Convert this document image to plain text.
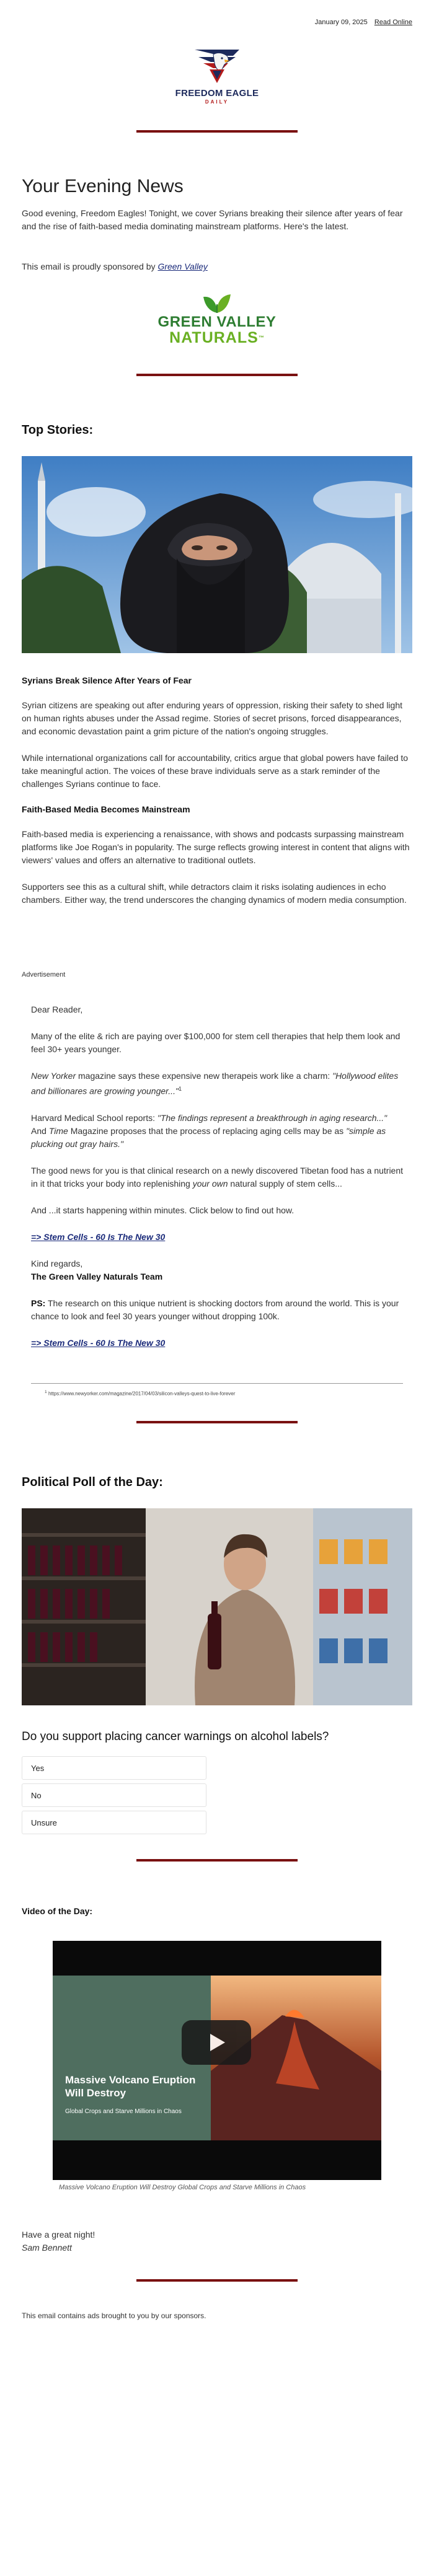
January 09, 2025 Read Online
FREEDOM EAGLE
DAILY
Your Evening News

Good evening, Freedom Eagles! Tonight, we cover Syrians breaking their silence after years of fear and the rise of faith-based media dominating mainstream platforms. Here's the latest.

This email is proudly sponsored by Green Valley

GREEN VALLEY
NATURALS™
Top Stories:
Syrians Break Silence After Years of Fear

Syrian citizens are speaking out after enduring years of oppression, risking their safety to shed light on human rights abuses under the Assad regime. Stories of secret prisons, forced disappearances, and economic devastation paint a grim picture of the nation's ongoing struggles.

While international organizations call for accountability, critics argue that global powers have failed to take meaningful action. The voices of these brave individuals serve as a stark reminder of the challenges Syrians continue to face.

Faith-Based Media Becomes Mainstream

Faith-based media is experiencing a renaissance, with shows and podcasts surpassing mainstream platforms like Joe Rogan's in popularity. The surge reflects growing interest in content that aligns with viewers' values and offers an alternative to traditional outlets.

Supporters see this as a cultural shift, while detractors claim it risks isolating audiences in echo chambers. Either way, the trend underscores the changing dynamics of modern media consumption.

Advertisement

Dear Reader,

Many of the elite & rich are paying over $100,000 for stem cell therapies that help them look and feel 30+ years younger.

New Yorker magazine says these expensive new therapeis work like a charm: "Hollywood elites and billionares are growing younger..."$^1$

Harvard Medical School reports: "The findings represent a breakthrough in aging research..." And Time Magazine proposes that the process of replacing aging cells may be as "simple as plucking out gray hairs."

The good news for you is that clinical research on a newly discovered Tibetan food has a nutrient in it that tricks your body into replenishing your own natural supply of stem cells...

And ...it starts happening within minutes. Click below to find out how.

=> Stem Cells - 60 Is The New 30

Kind regards,

The Green Valley Naturals Team

PS: The research on this unique nutrient is shocking doctors from around the world. This is your chance to look and feel 30 years younger without dropping 100k.

=> Stem Cells - 60 Is The New 30

$^1$ https://www.newyorker.com/magazine/2017/04/03/silicon-valleys-quest-to-live-forever
Political Poll of the Day:
Do you support placing cancer warnings on alcohol labels?
Yes
No
Unsure
Video of the Day:
Massive Volcano Eruption Will Destroy
Global Crops and Starve Millions in Chaos
Massive Volcano Eruption Will Destroy Global Crops and Starve Millions in Chaos

Have a great night!

Sam Bennett

This email contains ads brought to you by our sponsors.
